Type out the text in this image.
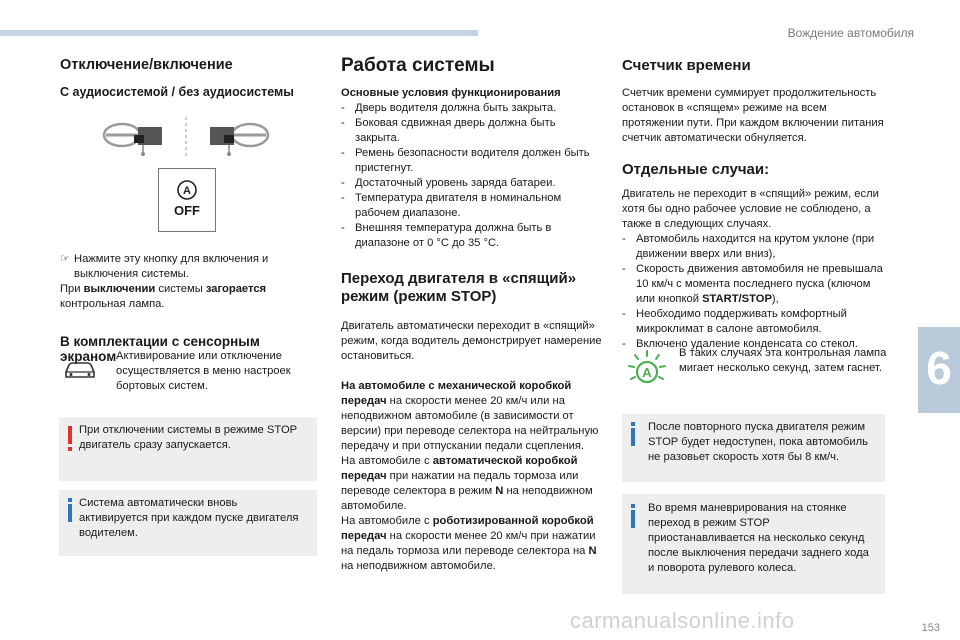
Вождение автомобиля
Отключение/включение
С аудиосистемой / без аудиосистемы
A
OFF

☞ Нажмите эту кнопку для включения и выключения системы.

При выключении системы загорается
контрольная лампа.

В комплектации с сенсорным экраном Активирование или отключение осуществляется в меню настроек бортовых систем.
При отключении системы в режиме STOP двигатель сразу запускается.
Система автоматически вновь активируется при каждом пуске двигателя водителем.
Работа системы

Основные условия функционирования

- Дверь водителя должна быть закрыта.
- Боковая сдвижная дверь должна быть закрыта.
- Ремень безопасности водителя должен быть пристегнут.
- Достаточный уровень заряда батареи.
- Температура двигателя в номинальном рабочем диапазоне.
- Внешняя температура должна быть в диапазоне от 0 °C до 35 °C.
Переход двигателя в «спящий» режим (режим STOP)

Двигатель автоматически переходит в «спящий» режим, когда водитель демонстрирует намерение остановиться.

На автомобиле с механической коробкой передач на скорости менее 20 км/ч или на неподвижном автомобиле (в зависимости от версии) при переводе селектора на нейтральную передачу и при отпускании педали сцепления.

На автомобиле с автоматической коробкой передач при нажатии на педаль тормоза или переводе селектора в режим N на неподвижном автомобиле.

На автомобиле с роботизированной коробкой передач на скорости менее 20 км/ч при нажатии на педаль тормоза или переводе селектора на N
на неподвижном автомобиле.

Счетчик времени

Счетчик времени суммирует продолжительность остановок в «спящем» режиме на всем протяжении пути. При каждом включении питания счетчик автоматически обнуляется.

Отдельные случаи:

Двигатель не переходит в «спящий» режим, если хотя бы одно рабочее условие не соблюдено, а также в следующих случаях.

- Автомобиль находится на крутом уклоне (при движении вверх или вниз),
- Скорость движения автомобиля не превышала 10 км/ч с момента последнего пуска (ключом или кнопкой START/STOP),
- Необходимо поддерживать комфортный микроклимат в салоне автомобиля.
- Включено удаление конденсата со стекол.
A
В таких случаях эта контрольная лампа мигает несколько секунд, затем гаснет.
После повторного пуска двигателя режим STOP будет недоступен, пока автомобиль не разовьет скорость хотя бы 8 км/ч.
Во время маневрирования на стоянке переход в режим STOP приостанавливается на несколько секунд после выключения передачи заднего хода и поворота рулевого колеса.
6
carmanualsonline.info	153
